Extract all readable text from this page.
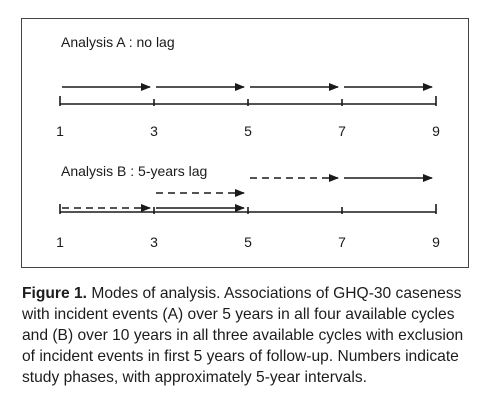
Analysis A : no lag
1	3	5	7	9
Analysis B : 5-years lag
1	3	5	7	9
Figure 1. Modes of analysis. Associations of GHQ-30 caseness with incident events (A) over 5 years in all four available cycles and (B) over 10 years in all three available cycles with exclusion of incident events in first 5 years of follow-up. Numbers indicate study phases, with approximately 5-year intervals.
